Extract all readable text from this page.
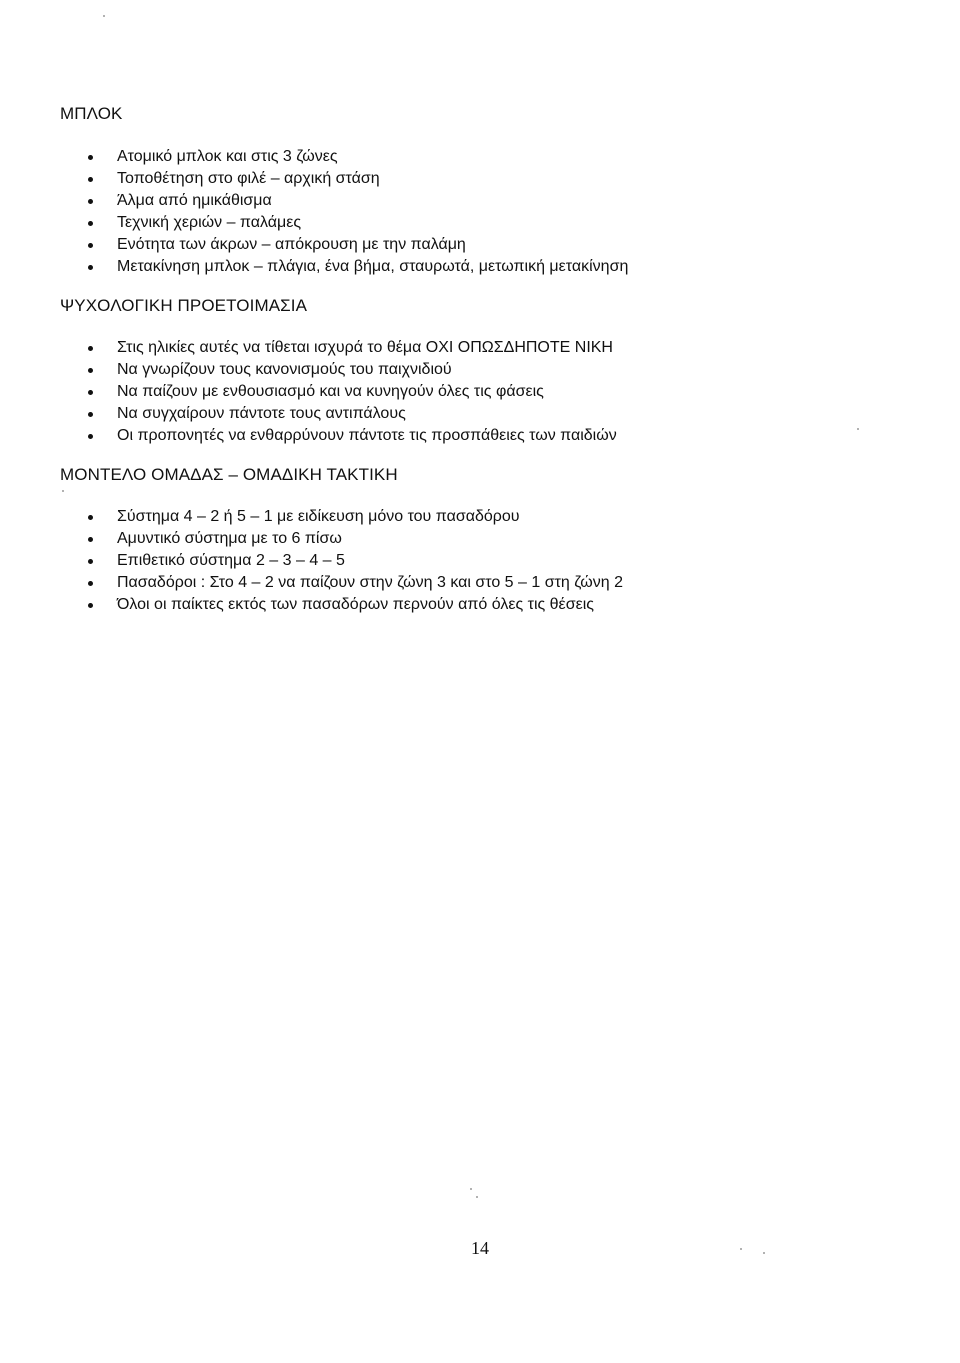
ΜΠΛΟΚ
Ατομικό μπλοκ και στις 3 ζώνες
Τοποθέτηση στο φιλέ – αρχική στάση
Άλμα από ημικάθισμα
Τεχνική χεριών – παλάμες
Ενότητα των άκρων – απόκρουση με την παλάμη
Μετακίνηση μπλοκ – πλάγια, ένα βήμα, σταυρωτά, μετωπική μετακίνηση
ΨΥΧΟΛΟΓΙΚΗ ΠΡΟΕΤΟΙΜΑΣΙΑ
Στις ηλικίες αυτές να τίθεται ισχυρά το θέμα ΟΧΙ ΟΠΩΣΔΗΠΟΤΕ ΝΙΚΗ
Να γνωρίζουν τους κανονισμούς του παιχνιδιού
Να παίζουν με ενθουσιασμό και να κυνηγούν όλες τις φάσεις
Να συγχαίρουν πάντοτε τους αντιπάλους
Οι προπονητές να ενθαρρύνουν πάντοτε τις προσπάθειες των παιδιών
ΜΟΝΤΕΛΟ ΟΜΑΔΑΣ – ΟΜΑΔΙΚΗ ΤΑΚΤΙΚΗ
Σύστημα 4 – 2 ή 5 – 1 με ειδίκευση μόνο του πασαδόρου
Αμυντικό σύστημα με το 6 πίσω
Επιθετικό σύστημα 2 – 3 – 4 – 5
Πασαδόροι : Στο 4 – 2 να παίζουν στην ζώνη 3 και στο 5 – 1 στη ζώνη 2
Όλοι οι παίκτες εκτός των πασαδόρων περνούν από όλες τις θέσεις
14
